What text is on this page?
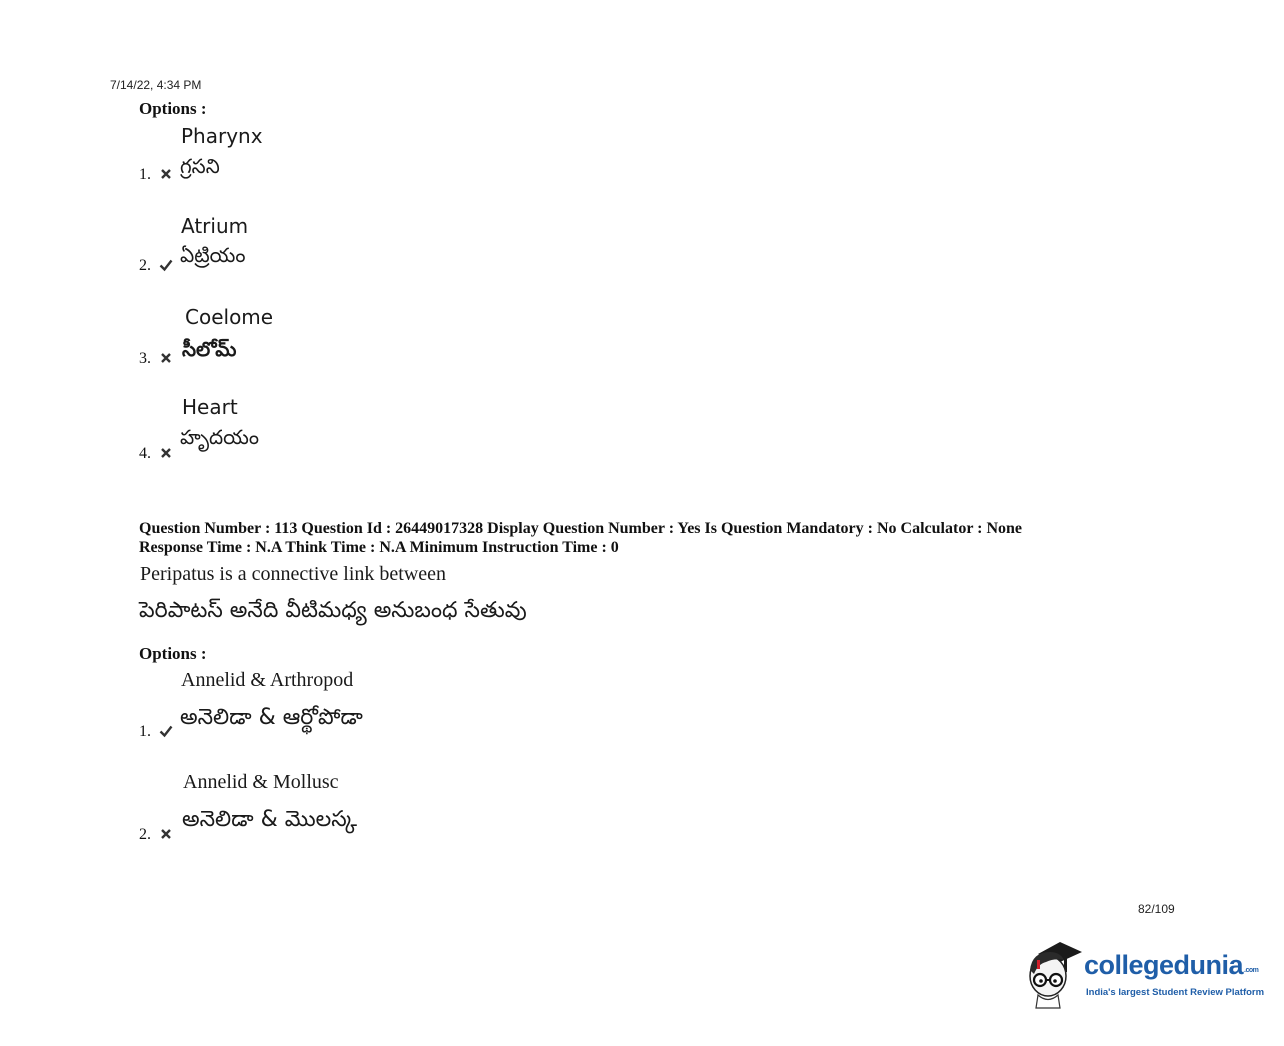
7/14/22, 4:34 PM
Options :
Pharynx
గ్రసని
1.
Atrium
ఏట్రియం
2.
Coelome
సీలోమ్
3.
Heart
హృదయం
4.
Question Number : 113 Question Id : 26449017328 Display Question Number : Yes Is Question Mandatory : No Calculator : None
Response Time : N.A Think Time : N.A Minimum Instruction Time : 0
Peripatus is a connective link between
పెరిపాటస్ అనేది వీటిమధ్య అనుబంధ సేతువు
Options :
Annelid & Arthropod
అనెలిడా & ఆర్థోపోడా
1.
Annelid & Mollusc
అనెలిడా & మొలస్క
2.
82/109
collegedunia.com
India's largest Student Review Platform
